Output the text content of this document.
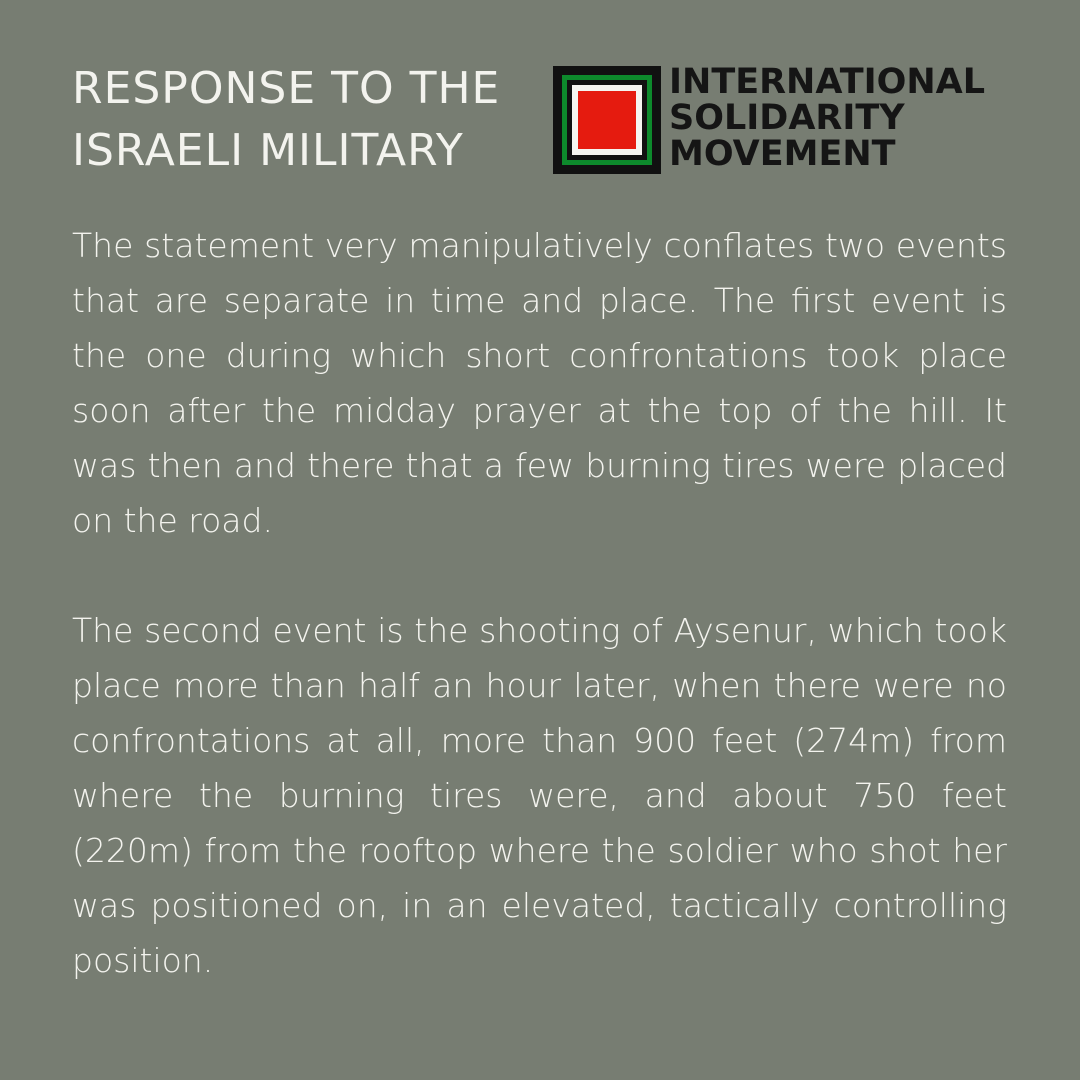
RESPONSE TO THE
ISRAELI MILITARY
INTERNATIONAL
SOLIDARITY
MOVEMENT

The statement very manipulatively conflates two events that are separate in time and place. The first event is the one during which short confrontations took place soon after the midday prayer at the top of the hill. It was then and there that a few burning tires were placed on the road.

The second event is the shooting of Aysenur, which took place more than half an hour later, when there were no confrontations at all, more than 900 feet (274m) from where the burning tires were, and about 750 feet (220m) from the rooftop where the soldier who shot her was positioned on, in an elevated, tactically controlling position.
